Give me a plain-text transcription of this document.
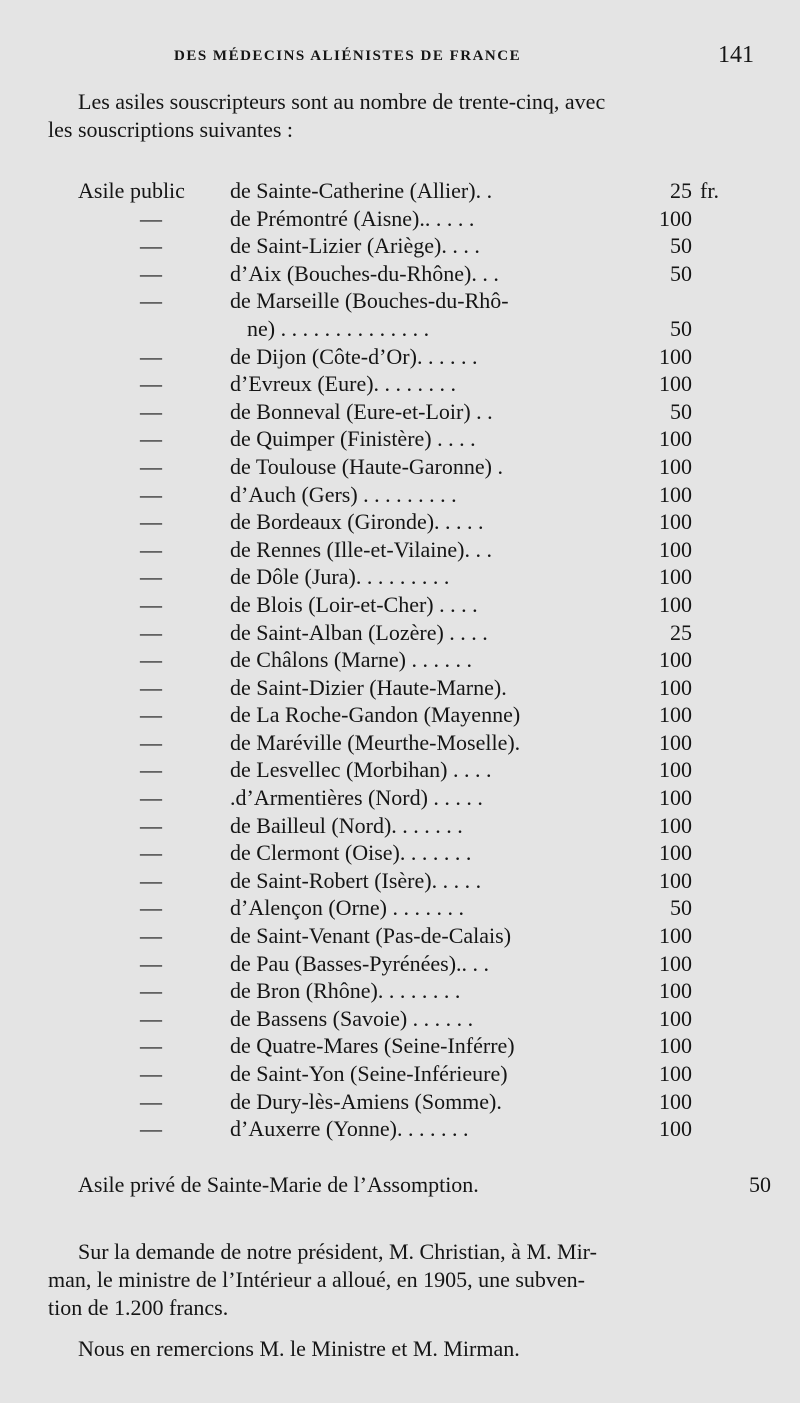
DES MÉDECINS ALIÉNISTES DE FRANCE	141

Les asiles souscripteurs sont au nombre de trente-cinq, avec
les souscriptions suivantes :

Asile public de Sainte-Catherine (Allier). .	25 fr.
—	de Prémontré (Aisne).. . . . .	100
—	de Saint-Lizier (Ariège). . . .	50
—	d’Aix (Bouches-du-Rhône). . .	50
—	de Marseille (Bouches-du-Rhô-
ne) . . . . . . . . . . . . . .	50
—	de Dijon (Côte-d’Or). . . . . .	100
—	d’Evreux (Eure). . . . . . . .	100
—	de Bonneval (Eure-et-Loir) . .	50
—	de Quimper (Finistère) . . . .	100
—	de Toulouse (Haute-Garonne) .	100
—	d’Auch (Gers) . . . . . . . . .	100
—	de Bordeaux (Gironde). . . . .	100
—	de Rennes (Ille-et-Vilaine). . .	100
—	de Dôle (Jura). . . . . . . . .	100
—	de Blois (Loir-et-Cher) . . . .	100
—	de Saint-Alban (Lozère) . . . .	25
—	de Châlons (Marne) . . . . . .	100
—	de Saint-Dizier (Haute-Marne).	100
—	de La Roche-Gandon (Mayenne)	100
—	de Maréville (Meurthe-Moselle).	100
—	de Lesvellec (Morbihan) . . . .	100
—	.d’Armentières (Nord) . . . . .	100
—	de Bailleul (Nord). . . . . . .	100
—	de Clermont (Oise). . . . . . .	100
—	de Saint-Robert (Isère). . . . .	100
—	d’Alençon (Orne) . . . . . . .	50
—	de Saint-Venant (Pas-de-Calais)	100
—	de Pau (Basses-Pyrénées).. . .	100
—	de Bron (Rhône). . . . . . . .	100
—	de Bassens (Savoie) . . . . . .	100
—	de Quatre-Mares (Seine-Inférre)	100
—	de Saint-Yon (Seine-Inférieure)	100
—	de Dury-lès-Amiens (Somme).	100
—	d’Auxerre (Yonne). . . . . . .	100
Asile privé de Sainte-Marie de l’Assomption.	50

Sur la demande de notre président, M. Christian, à M. Mir-
man, le ministre de l’Intérieur a alloué, en 1905, une subven-
tion de 1.200 francs.

Nous en remercions M. le Ministre et M. Mirman.
